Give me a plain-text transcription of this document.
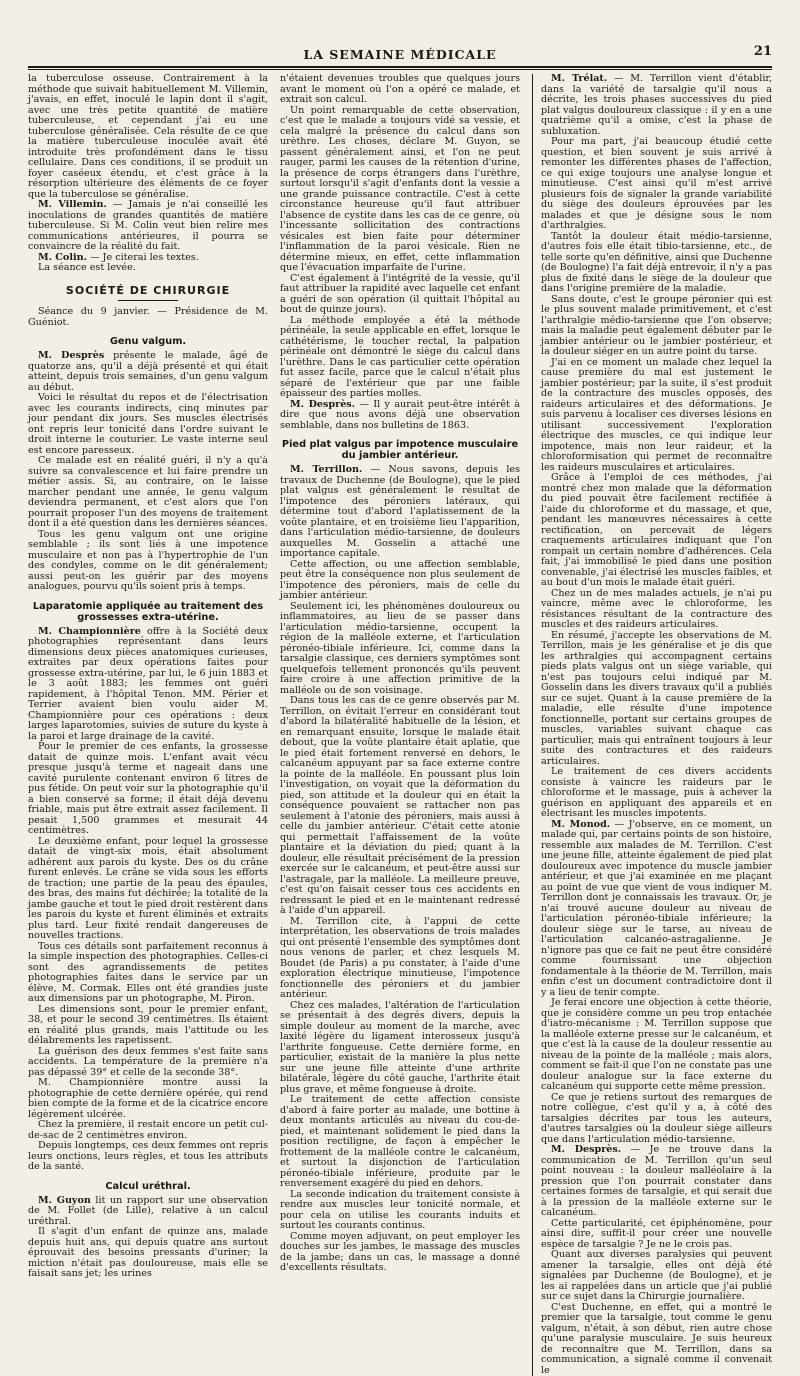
LA SEMAINE MÉDICALE	21

la tuberculose osseuse. Contrairement à la méthode que suivait habituellement M. Villemin, j'avais, en effet, inoculé le lapin dont il s'agit, avec une très petite quantité de matière tuberculeuse, et cependant j'ai eu une tuberculose généralisée. Cela résulte de ce que la matière tuberculeuse inoculée avait été introduite très profondément dans le tissu cellulaire. Dans ces conditions, il se produit un foyer caséeux étendu, et c'est grâce à la résorption ultérieure des éléments de ce foyer que la tuberculose se généralise.

M. Villemin. — Jamais je n'ai conseillé les inoculations de grandes quantités de matière tuberculeuse. Si M. Colin veut bien relire mes communications antérieures, il pourra se convaincre de la réalité du fait.

M. Colin. — Je citerai les textes.

La séance est levée.

SOCIÉTÉ DE CHIRURGIE

Séance du 9 janvier. — Présidence de M. Guéniot.

Genu valgum.

M. Desprès présente le malade, âgé de quatorze ans, qu'il a déjà présenté et qui était atteint, depuis trois semaines, d'un genu valgum au début.

Voici le résultat du repos et de l'électrisation avec les courants indirects, cinq minutes par jour pendant dix jours. Ses muscles électrisés ont repris leur tonicité dans l'ordre suivant le droit interne le couturier. Le vaste interne seul est encore paresseux.

Ce malade est en réalité guéri, il n'y a qu'à suivre sa convalescence et lui faire prendre un métier assis. Si, au contraire, on le laisse marcher pendant une année, le genu valgum deviendra permanent, et c'est alors que l'on pourrait proposer l'un des moyens de traitement dont il a été question dans les dernières séances.

Tous les genu valgum ont une origine semblable ; ils sont liés à une impotence musculaire et non pas à l'hypertrophie de l'un des condyles, comme on le dit généralement; aussi peut-on les guérir par des moyens analogues, pourvu qu'ils soient pris à temps.

Laparatomie appliquée au traitement des grossesses extra-utérine.

M. Championnière offre à la Société deux photographies représentant dans leurs dimensions deux pièces anatomiques curieuses, extraites par deux opérations faites pour grossesse extra-utérine, par lui, le 6 juin 1883 et le 3 août 1883; les femmes ont guéri rapidement, à l'hôpital Tenon. MM. Périer et Terrier avaient bien voulu aider M. Championnière pour ces opérations : deux larges laparotomies, suivies de suture du kyste à la paroi et large drainage de la cavité.

Pour le premier de ces enfants, la grossesse datait de quinze mois. L'enfant avait vécu presque jusqu'à terme et nageait dans une cavité purulente contenant environ 6 litres de pus fétide. On peut voir sur la photographie qu'il a bien conservé sa forme; il était déjà devenu friable, mais put être extrait assez facilement. Il pesait 1,500 grammes et mesurait 44 centimètres.

Le deuxième enfant, pour lequel la grossesse datait de vingt-six mois, était absolument adhérent aux parois du kyste. Des os du crâne furent enlevés. Le crâne se vida sous les efforts de traction; une partie de la peau des épaules, des bras, des mains fut déchirée; la totalité de la jambe gauche et tout le pied droit restèrent dans les parois du kyste et furent éliminés et extraits plus tard. Leur fixité rendait dangereuses de nouvelles tractions.

Tous ces détails sont parfaitement reconnus à la simple inspection des photographies. Celles-ci sont des agrandissements de petites photographies faites dans le service par un élève, M. Cormak. Elles ont été grandies juste aux dimensions par un photographe, M. Piron.

Les dimensions sont, pour le premier enfant, 38, et pour le second 39 centimètres. Ils étaient en réalité plus grands, mais l'attitude ou les délabrements les rapetissent.

La guérison des deux femmes s'est faite sans accidents. La température de la première n'a pas dépassé 39° et celle de la seconde 38°.

M. Championnière montre aussi la photographie de cette dernière opérée, qui rend bien compte de la forme et de la cicatrice encore légèrement ulcérée.

Chez la première, il restait encore un petit cul-de-sac de 2 centimètres environ.

Depuis longtemps, ces deux femmes ont repris leurs onctions, leurs règles, et tous les attributs de la santé.

Calcul uréthral.

M. Guyon lit un rapport sur une observation de M. Follet (de Lille), relative à un calcul uréthral.

Il s'agit d'un enfant de quinze ans, malade depuis huit ans, qui depuis quatre ans surtout éprouvait des besoins pressants d'uriner; la miction n'était pas douloureuse, mais elle se faisait sans jet; les urines

n'étaient devenues troubles que quelques jours avant le moment où l'on a opéré ce malade, et extrait son calcul.

Un point remarquable de cette observation, c'est que le malade a toujours vidé sa vessie, et cela malgré la présence du calcul dans son urèthre. Les choses, déclare M. Guyon, se passent généralement ainsi, et l'on ne peut rauger, parmi les causes de la rétention d'urine, la présence de corps étrangers dans l'urèthre, surtout lorsqu'il s'agit d'enfants dont la vessie a une grande puissance contractile. C'est à cette circonstance heureuse qu'il faut attribuer l'absence de cystite dans les cas de ce genre, où l'incessante sollicitation des contractions vésicales est bien faite pour déterminer l'inflammation de la paroi vésicale. Rien ne détermine mieux, en effet, cette inflammation que l'évacuation imparfaite de l'urine.

C'est également à l'intégrité de la vessie, qu'il faut attribuer la rapidité avec laquelle cet enfant a guéri de son opération (il quittait l'hôpital au bout de quinze jours).

La méthode employée a été la méthode périnéale, la seule applicable en effet, lorsque le cathétérisme, le toucher rectal, la palpation périnéale ont démontré le siège du calcul dans l'urèthre. Dans le cas particulier cette opération fut assez facile, parce que le calcul n'était plus séparé de l'extérieur que par une faible épaisseur des parties molles.

M. Desprès. — Il y aurait peut-être intérêt à dire que nous avons déjà une observation semblable, dans nos bulletins de 1863.

Pied plat valgus par impotence musculaire du jambier antérieur.

M. Terrillon. — Nous savons, depuis les travaux de Duchenne (de Boulogne), que le pied plat valgus est généralement le résultat de l'impotence des péroniers latéraux, qui détermine tout d'abord l'aplatissement de la voûte plantaire, et en troisième lieu l'apparition, dans l'articulation médio-tarsienne, de douleurs auxquelles M. Gosselin a attaché une importance capitale.

Cette affection, ou une affection semblable, peut être la conséquence non plus seulement de l'impotence des péroniers, mais de celle du jambier antérieur.

Seulement ici, les phénomènes douloureux ou inflammatoires, au lieu de se passer dans l'articulation médio-tarsienne, occupent la région de la malléole externe, et l'articulation péronéo-tibiale inférieure. Ici, comme dans la tarsalgie classique, ces derniers symptômes sont quelquefois tellement prononcés qu'ils peuvent faire croire à une affection primitive de la malléole ou de son voisinage.

Dans tous les cas de ce genre observés par M. Terrillon, on évitait l'erreur en considérant tout d'abord la bilatéralité habituelle de la lésion, et en remarquant ensuite, lorsque le malade était debout, que la voûte plantaire était aplatie, que le pied était fortement renversé en dehors, le calcanéum appuyant par sa face externe contre la pointe de la malléole. En poussant plus loin l'investigation, on voyait que la déformation du pied, son attitude et la douleur qui en était la conséquence pouvaient se rattacher non pas seulement à l'atonie des péroniers, mais aussi à celle du jambier antérieur. C'était cette atonie qui permettait l'affaissement de la voûte plantaire et la déviation du pied; quant à la douleur, elle résultait précisément de la pression exercée sur le calcanéum, et peut-être aussi sur l'astragale, par la malléole. La meilleure preuve, c'est qu'on faisait cesser tous ces accidents en redressant le pied et en le maintenant redressé à l'aide d'un appareil.

M. Terrillon cite, à l'appui de cette interprétation, les observations de trois malades qui ont présenté l'ensemble des symptômes dont nous venons de parler, et chez lesquels M. Boudet (de Paris) a pu constater, à l'aide d'une exploration électrique minutieuse, l'impotence fonctionnelle des péroniers et du jambier antérieur.

Chez ces malades, l'altération de l'articulation se présentait à des degrés divers, depuis la simple douleur au moment de la marche, avec laxité légère du ligament interosseux jusqu'à l'arthrite fongueuse. Cette dernière forme, en particulier, existait de la manière la plus nette sur une jeune fille atteinte d'une arthrite bilatérale, légère du côté gauche, l'arthrite était plus grave, et même fongueuse à droite.

Le traitement de cette affection consiste d'abord à faire porter au malade, une bottine à deux montants articulés au niveau du cou-de-pied, et maintenant solidement le pied dans la position rectiligne, de façon à empêcher le frottement de la malléole contre le calcanéum, et surtout la disjonction de l'articulation péronéo-tibiale inférieure, produite par le renversement exagéré du pied en dehors.

La seconde indication du traitement consiste à rendre aux muscles leur tonicité normale, et pour cela on utilise les courants induits et surtout les courants continus.

Comme moyen adjuvant, on peut employer les douches sur les jambes, le massage des muscles de la jambe; dans un cas, le massage a donné d'excellents résultats.

M. Trélat. — M. Terrillon vient d'établir, dans la variété de tarsalgie qu'il nous a décrite, les trois phases successives du pied plat valgus douloureux classique : il y en a une quatrième qu'il a omise, c'est la phase de subluxation.

Pour ma part, j'ai beaucoup étudié cette question, et bien souvent je suis arrivé à remonter les différentes phases de l'affection, ce qui exige toujours une analyse longue et minutieuse. C'est ainsi qu'il m'est arrivé plusieurs fois de signaler la grande variabilité du siège des douleurs éprouvées par les malades et que je désigne sous le nom d'arthralgies.

Tantôt la douleur était médio-tarsienne, d'autres fois elle était tibio-tarsienne, etc., de telle sorte qu'en définitive, ainsi que Duchenne (de Boulogne) l'a fait déjà entrevoir, il n'y a pas plus de fixité dans le siège de la douleur que dans l'origine première de la maladie.

Sans doute, c'est le groupe péronier qui est le plus souvent malade primitivement, et c'est l'arthralgie médio-tarsienne que l'on observe; mais la maladie peut également débuter par le jambier antérieur ou le jambier postérieur, et la douleur siéger en un autre point du tarse.

J'ai en ce moment un malade chez lequel la cause première du mal est justement le jambier postérieur; par la suite, il s'est produit de la contracture des muscles opposés, des raideurs articulaires et des déformations. Je suis parvenu à localiser ces diverses lésions en utilisant successivement l'exploration électrique des muscles, ce qui indique leur impotence, mais non leur raideur, et la chloroformisation qui permet de reconnaître les raideurs musculaires et articulaires.

Grâce à l'emploi de ces méthodes, j'ai montré chez mon malade que la déformation du pied pouvait être facilement rectifiée à l'aide du chloroforme et du massage, et que, pendant les manœuvres nécessaires à cette rectification, on percevait de légers craquements articulaires indiquant que l'on rompait un certain nombre d'adhérences. Cela fait, j'ai immobilisé le pied dans une position convenable, j'ai électrisé les muscles faibles, et au bout d'un mois le malade était guéri.

Chez un de mes malades actuels, je n'ai pu vaincre, même avec le chloroforme, les résistances résultant de la contracture des muscles et des raideurs articulaires.

En résumé, j'accepte les observations de M. Terrillon, mais je les généralise et je dis que les arthralgies qui accompagnent certains pieds plats valgus ont un siège variable, qui n'est pas toujours celui indiqué par M. Gosselin dans les divers travaux qu'il a publiés sur ce sujet. Quant à la cause première de la maladie, elle résulte d'une impotence fonctionnelle, portant sur certains groupes de muscles, variables suivant chaque cas particulier, mais qui entraînent toujours à leur suite des contractures et des raideurs articulaires.

Le traitement de ces divers accidents consiste à vaincre les raideurs par le chloroforme et le massage, puis à achever la guérison en appliquant des appareils et en électrisant les muscles impotents.

M. Monod. — J'observe, en ce moment, un malade qui, par certains points de son histoire, ressemble aux malades de M. Terrillon. C'est une jeune fille, atteinte également de pied plat douloureux avec impotence du muscle jambier antérieur, et que j'ai examinée en me plaçant au point de vue que vient de vous indiquer M. Terrillon dont je connaissais les travaux. Or, je n'ai trouvé aucune douleur au niveau de l'articulation péronéo-tibiale inférieure; la douleur siège sur le tarse, au niveau de l'articulation calcanéo-astragalienne. Je n'ignore pas que ce fait ne peut être considéré comme fournissant une objection fondamentale à la théorie de M. Terrillon, mais enfin c'est un document contradictoire dont il y a lieu de tenir compte.

Je ferai encore une objection à cette théorie, que je considère comme un peu trop entachée d'iatro-mécanisme : M. Terrillon suppose que la malléole externe presse sur le calcanéum, et que c'est là la cause de la douleur ressentie au niveau de la pointe de la malléole ; mais alors, comment se fait-il que l'on ne constate pas une douleur analogue sur la face externe du calcanéum qui supporte cette même pression.

Ce que je retiens surtout des remarques de notre collègue, c'est qu'il y a, à côté des tarsalgies décrites par tous les auteurs, d'autres tarsalgies où la douleur siège ailleurs que dans l'articulation médio-tarsienne.

M. Desprès. — Je ne trouve dans la communication de M. Terrillon qu'un seul point nouveau : la douleur malléolaire à la pression que l'on pourrait constater dans certaines formes de tarsalgie, et qui serait due à la pression de la malléole externe sur le calcanéum.

Cette particularité, cet épiphénomène, pour ainsi dire, suffit-il pour créer une nouvelle espèce de tarsalgie ? Je ne le crois pas.

Quant aux diverses paralysies qui peuvent amener la tarsalgie, elles ont déjà été signalées par Duchenne (de Boulogne), et je les ai rappelées dans un article que j'ai publié sur ce sujet dans la Chirurgie journalière.

C'est Duchenne, en effet, qui a montré le premier que la tarsalgie, tout comme le genu valgum, n'était, à son début, rien autre chose qu'une paralysie musculaire. Je suis heureux de reconnaître que M. Terrillon, dans sa communication, a signalé comme il convenait le
